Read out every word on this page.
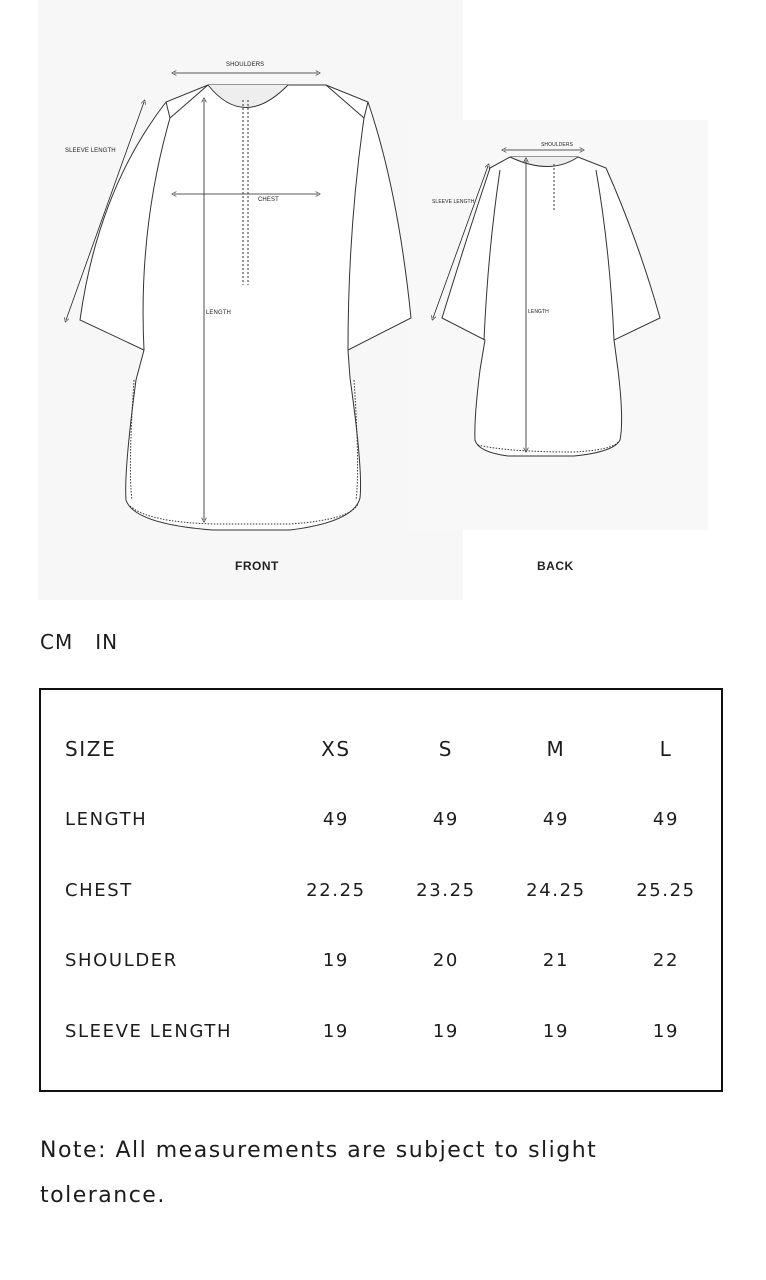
SHOULDERS
SLEEVE LENGTH
CHEST
LENGTH
FRONT
SHOULDERS
SLEEVE LENGTH
LENGTH
BACK
CM IN
SIZE	XS	S	M	L
LENGTH	49	49	49	49
CHEST	22.25	23.25	24.25	25.25
SHOULDER	19	20	21	22
SLEEVE LENGTH	19	19	19	19
Note: All measurements are subject to slight tolerance.
